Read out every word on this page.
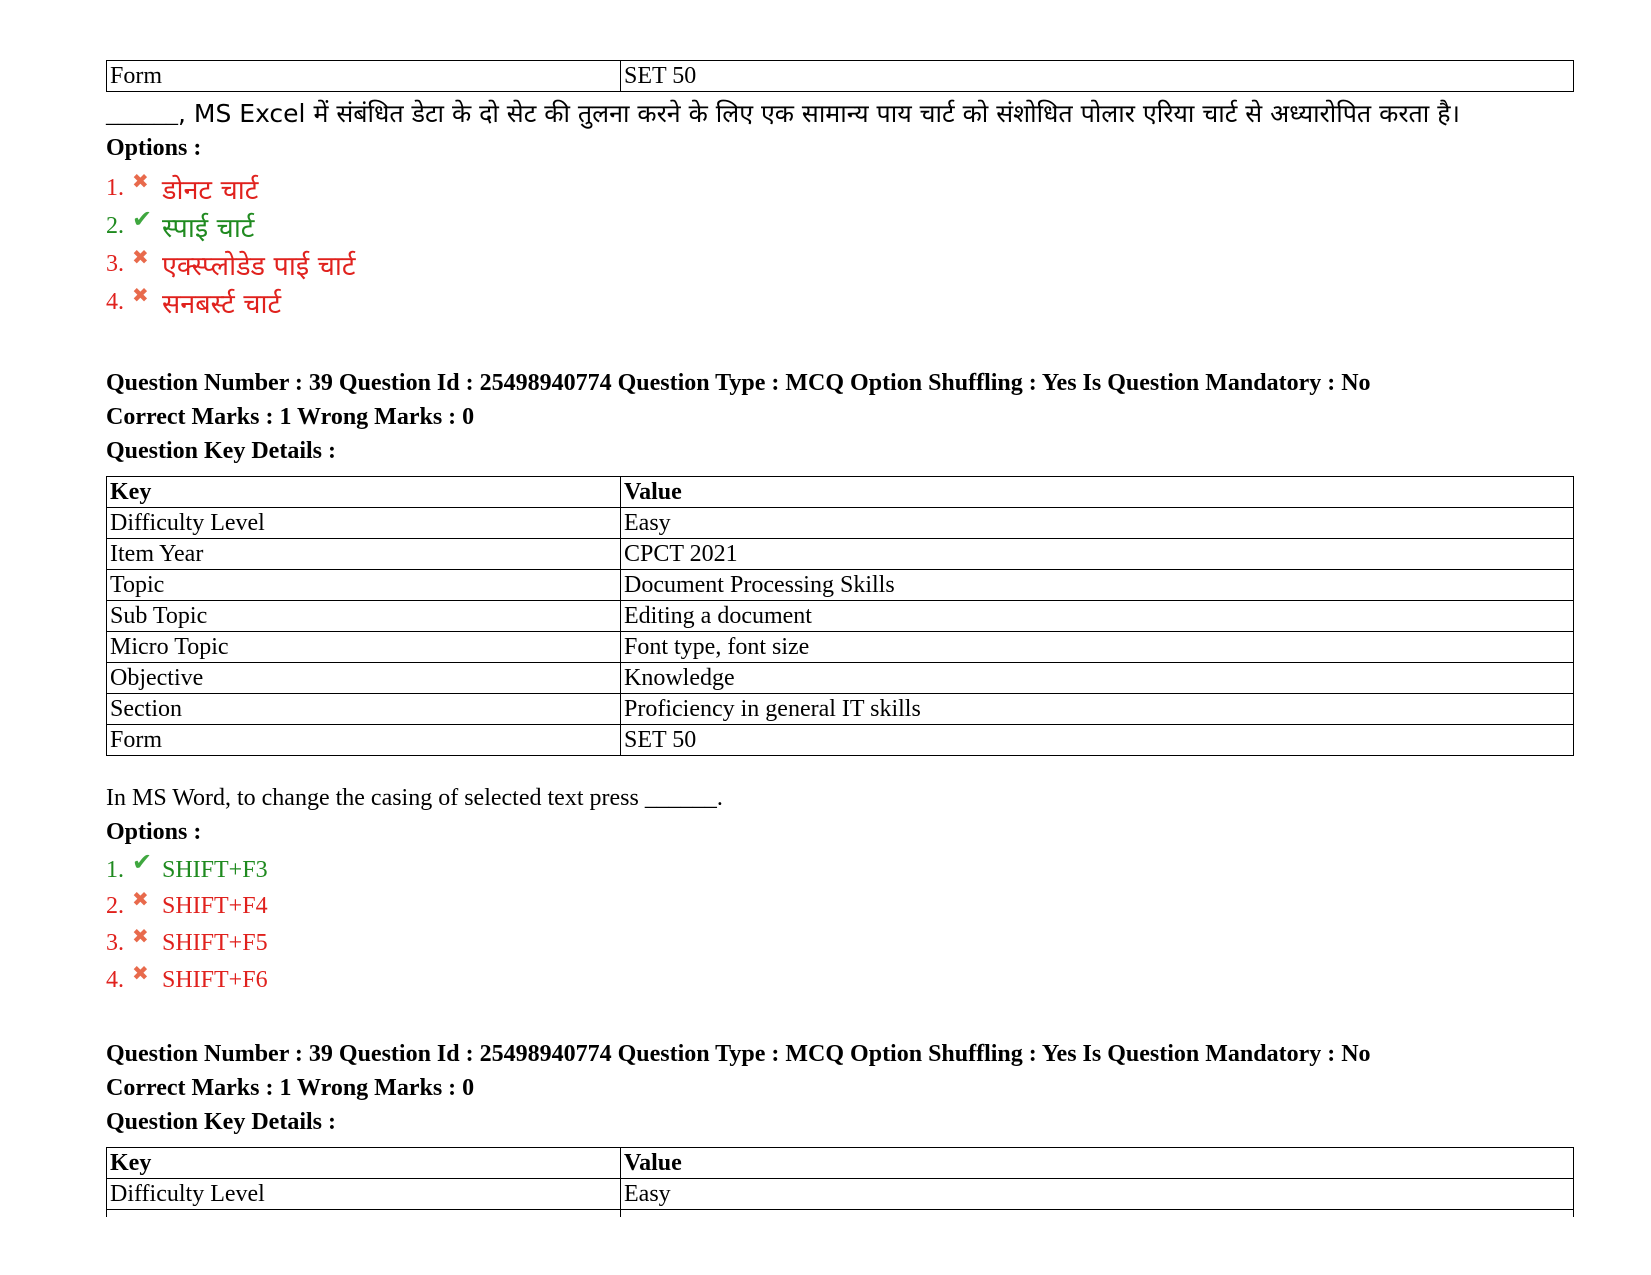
Form	SET 50
______, MS Excel में संबंधित डेटा के दो सेट की तुलना करने के लिए एक सामान्य पाय चार्ट को संशोधित पोलार एरिया चार्ट से अध्यारोपित करता है।
Options :
1. ✖ डोनट चार्ट
2. ✔ स्पाई चार्ट
3. ✖ एक्स्प्लोडेड पाई चार्ट
4. ✖ सनबर्स्ट चार्ट
Question Number : 39 Question Id : 25498940774 Question Type : MCQ Option Shuffling : Yes Is Question Mandatory : No
Correct Marks : 1 Wrong Marks : 0
Question Key Details :
Key	Value
Difficulty Level	Easy
Item Year	CPCT 2021
Topic	Document Processing Skills
Sub Topic	Editing a document
Micro Topic	Font type, font size
Objective	Knowledge
Section	Proficiency in general IT skills
Form	SET 50
In MS Word, to change the casing of selected text press ______.
Options :
1. ✔ SHIFT+F3
2. ✖ SHIFT+F4
3. ✖ SHIFT+F5
4. ✖ SHIFT+F6
Question Number : 39 Question Id : 25498940774 Question Type : MCQ Option Shuffling : Yes Is Question Mandatory : No
Correct Marks : 1 Wrong Marks : 0
Question Key Details :
Key	Value
Difficulty Level	Easy
